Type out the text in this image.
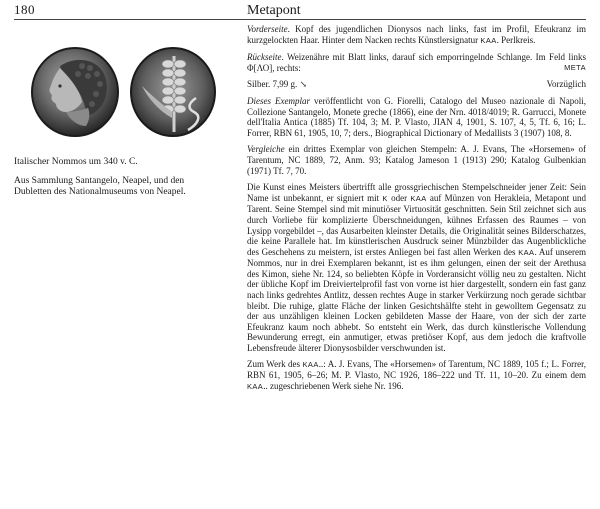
180
Italischer Nommos um 340 v. C.
Aus Sammlung Santangelo, Neapel, und den Dubletten des Nationalmuseums von Neapel.
Metapont

Vorderseite. Kopf des jugendlichen Dionysos nach links, fast im Profil, Efeukranz im kurzgelockten Haar. Hinter dem Nacken rechts Künstlersignatur KAA. Perlkreis.

Rückseite. Weizenähre mit Blatt links, darauf sich emporringelnde Schlange. Im Feld links Φ[ΛΟ], rechts:	META

Silber. 7,99 g. ↘	Vorzüglich

Dieses Exemplar veröffentlicht von G. Fiorelli, Catalogo del Museo nazionale di Napoli, Collezione Santangelo, Monete greche (1866), eine der Nrn. 4018/4019; R. Garrucci, Monete dell'Italia Antica (1885) Tf. 104, 3; M. P. Vlasto, JIAN 4, 1901, S. 107, 4, 5, Tf. 6, 16; L. Forrer, RBN 61, 1905, 10, 7; ders., Biographical Dictionary of Medallists 3 (1907) 108, 8.

Vergleiche ein drittes Exemplar von gleichen Stempeln: A. J. Evans, The «Horsemen» of Tarentum, NC 1889, 72, Anm. 93; Katalog Jameson 1 (1913) 290; Katalog Gulbenkian (1971) Tf. 7, 70.

Die Kunst eines Meisters übertrifft alle grossgriechischen Stempelschneider jener Zeit: Sein Name ist unbekannt, er signiert mit K oder KAA auf Münzen von Herakleia, Metapont und Tarent. Seine Stempel sind mit minutiöser Virtuosität geschnitten. Sein Stil zeichnet sich aus durch Vorliebe für komplizierte Überschneidungen, kühnes Erfassen des Raumes – von Lysipp vorgebildet –, das Ausarbeiten kleinster Details, die Originalität seines Bilderschatzes, die keine Parallele hat. Im künstlerischen Ausdruck seiner Münzbilder das Augenblickliche des Geschehens zu meistern, ist erstes Anliegen bei fast allen Werken des KAA. Auf unserem Nommos, nur in drei Exemplaren bekannt, ist es ihm gelungen, einen der seit der Arethusa des Kimon, siehe Nr. 124, so beliebten Köpfe in Vorderansicht völlig neu zu gestalten. Nicht der übliche Kopf im Dreiviertelprofil fast von vorne ist hier dargestellt, sondern ein fast ganz nach links gedrehtes Antlitz, dessen rechtes Auge in starker Verkürzung noch gerade sichtbar bleibt. Die ruhige, glatte Fläche der linken Gesichtshälfte steht in gewolltem Gegensatz zu der aus unzähligen kleinen Locken gebildeten Masse der Haare, von der sich der zarte Efeukranz kaum noch abhebt. So entsteht ein Werk, das durch künstlerische Vollendung Bewunderung erregt, ein anmutiger, etwas pretiöser Kopf, aus dem jedoch die kraftvolle Lebensfreude älterer Dionysosbilder verschwunden ist.

Zum Werk des KAA..: A. J. Evans, The «Horsemen» of Tarentum, NC 1889, 105 f.; L. Forrer, RBN 61, 1905, 6–26; M. P. Vlasto, NC 1926, 186–222 und Tf. 11, 10–20. Zu einem dem KAA.. zugeschriebenen Werk siehe Nr. 196.
